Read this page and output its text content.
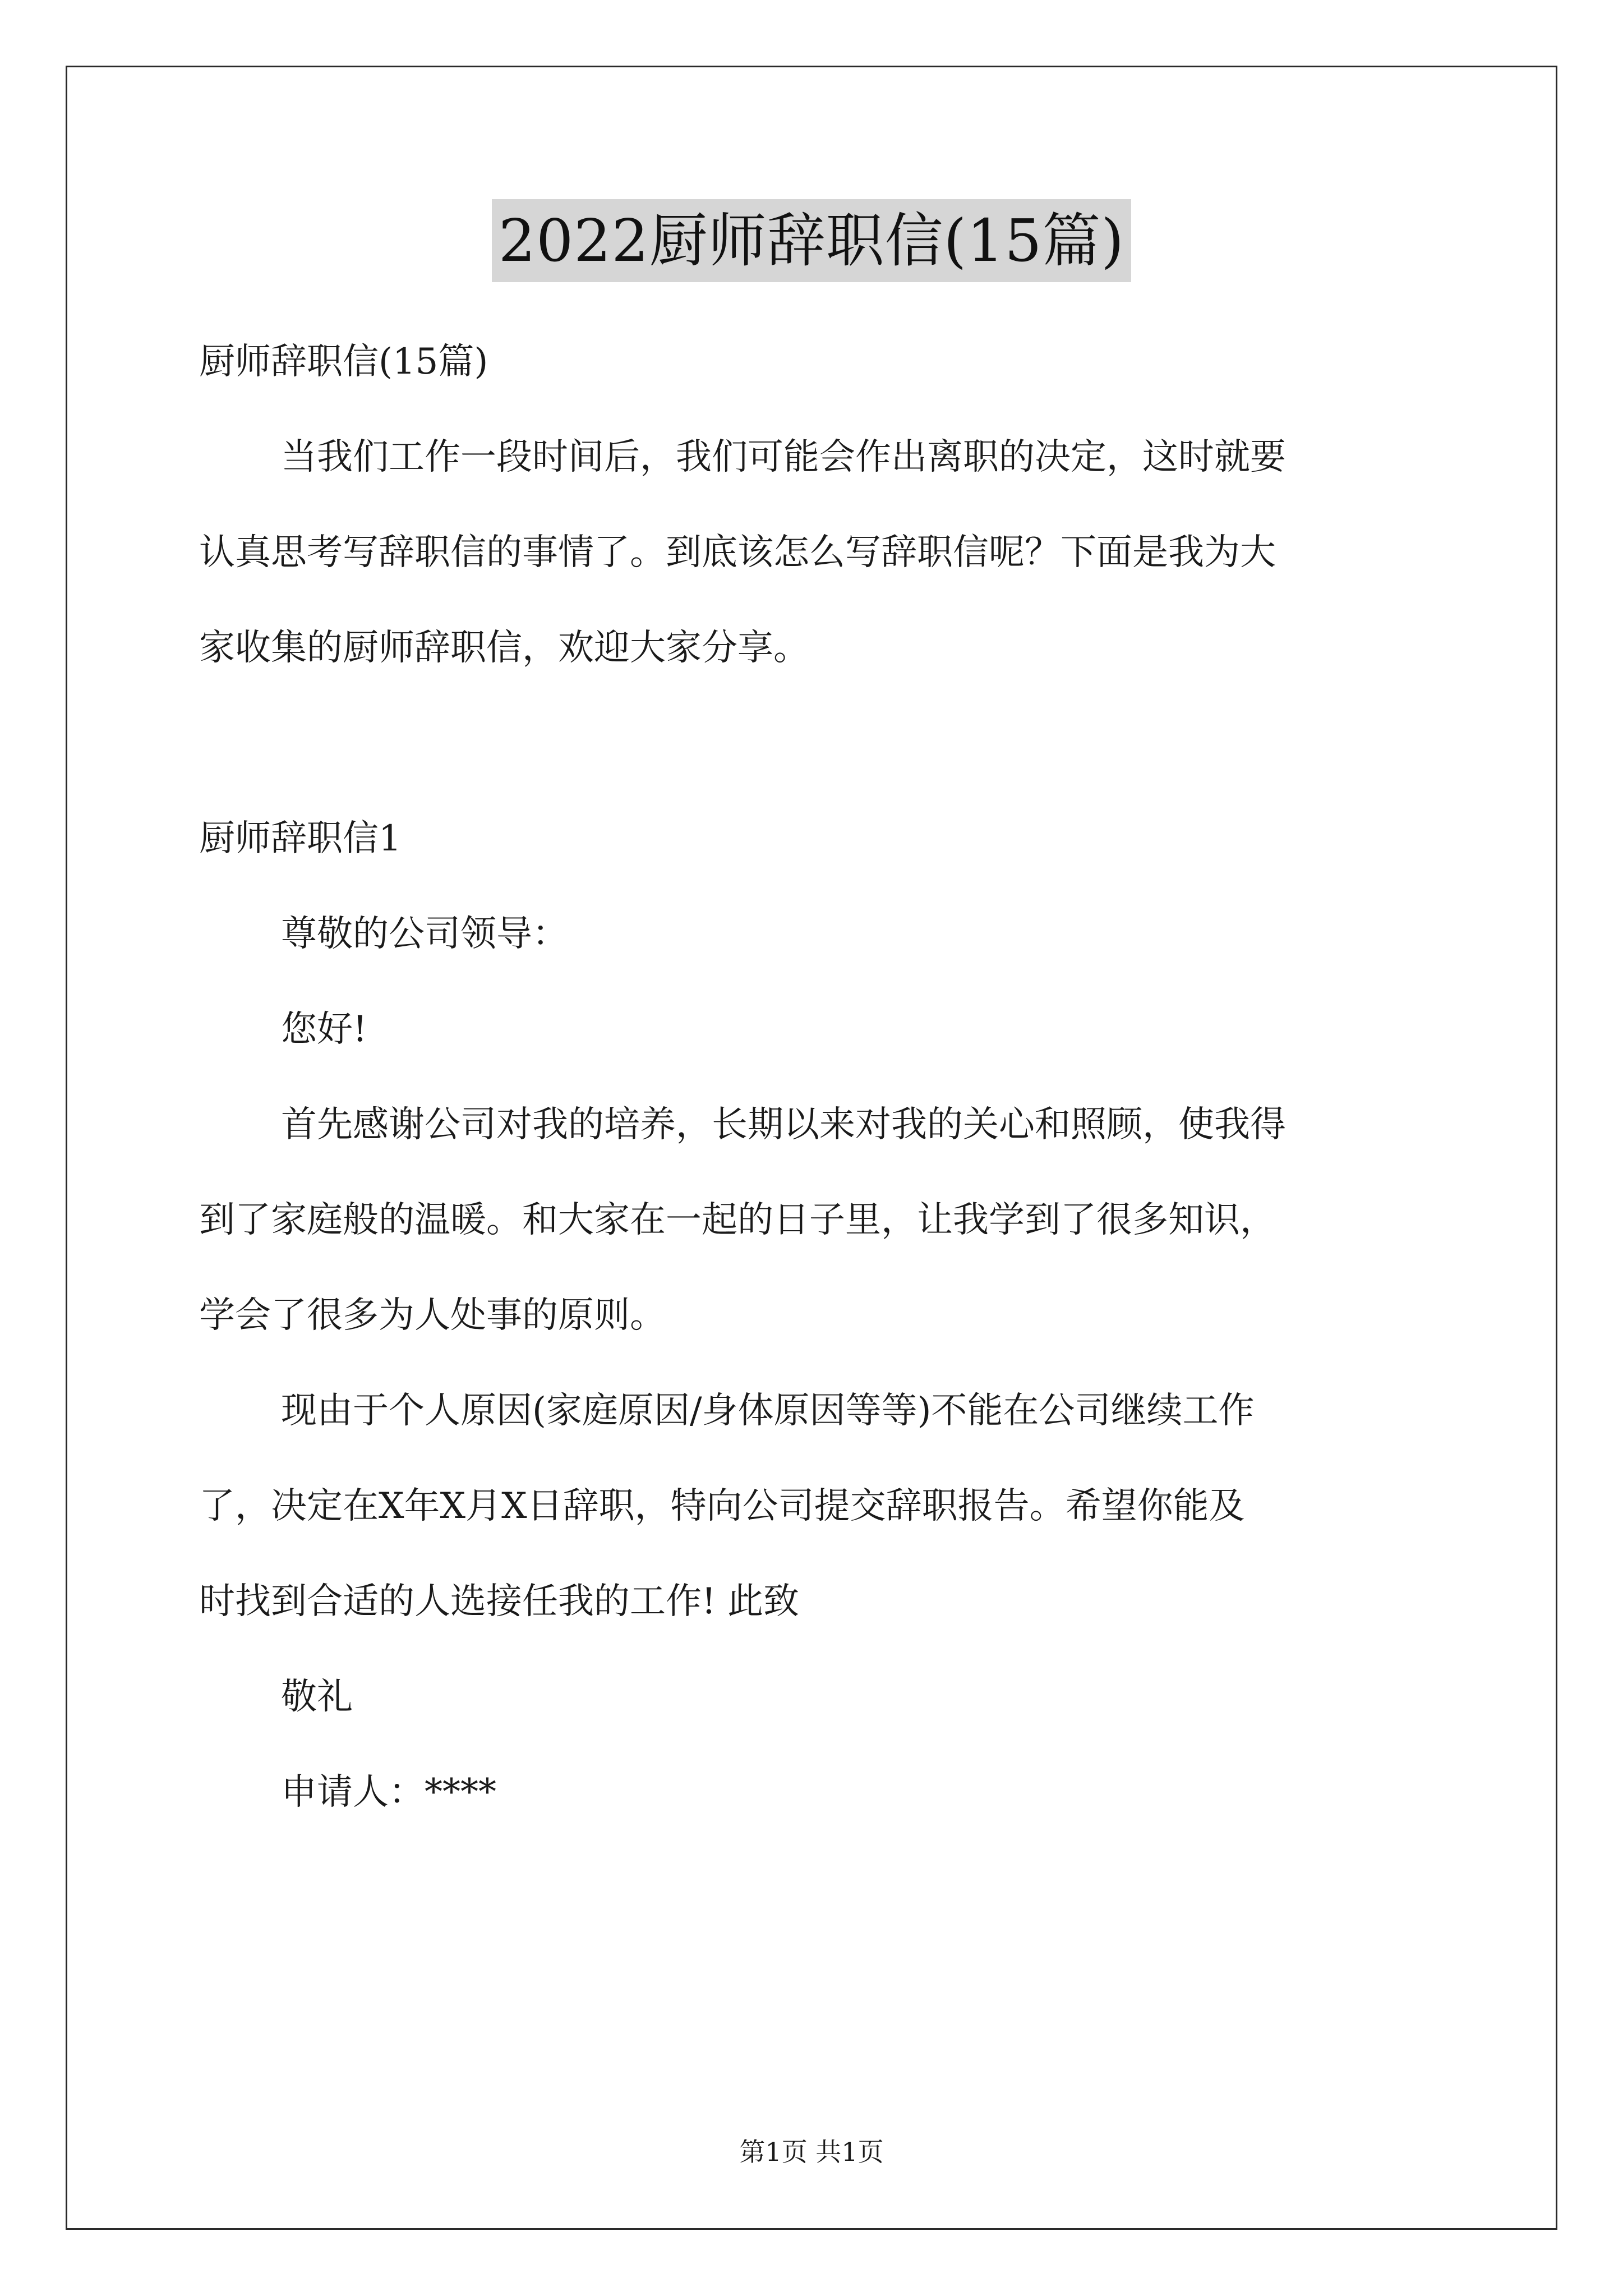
2022厨师辞职信(15篇)

厨师辞职信(15篇)

当我们工作一段时间后，我们可能会作出离职的决定，这时就要

认真思考写辞职信的事情了。到底该怎么写辞职信呢？下面是我为大

家收集的厨师辞职信，欢迎大家分享。

厨师辞职信1

尊敬的公司领导：

您好!

首先感谢公司对我的培养，长期以来对我的关心和照顾，使我得

到了家庭般的温暖。和大家在一起的日子里，让我学到了很多知识，

学会了很多为人处事的原则。

现由于个人原因(家庭原因/身体原因等等)不能在公司继续工作

了，决定在X年X月X日辞职，特向公司提交辞职报告。希望你能及

时找到合适的人选接任我的工作! 此致

敬礼

申请人：****

第1页 共1页
